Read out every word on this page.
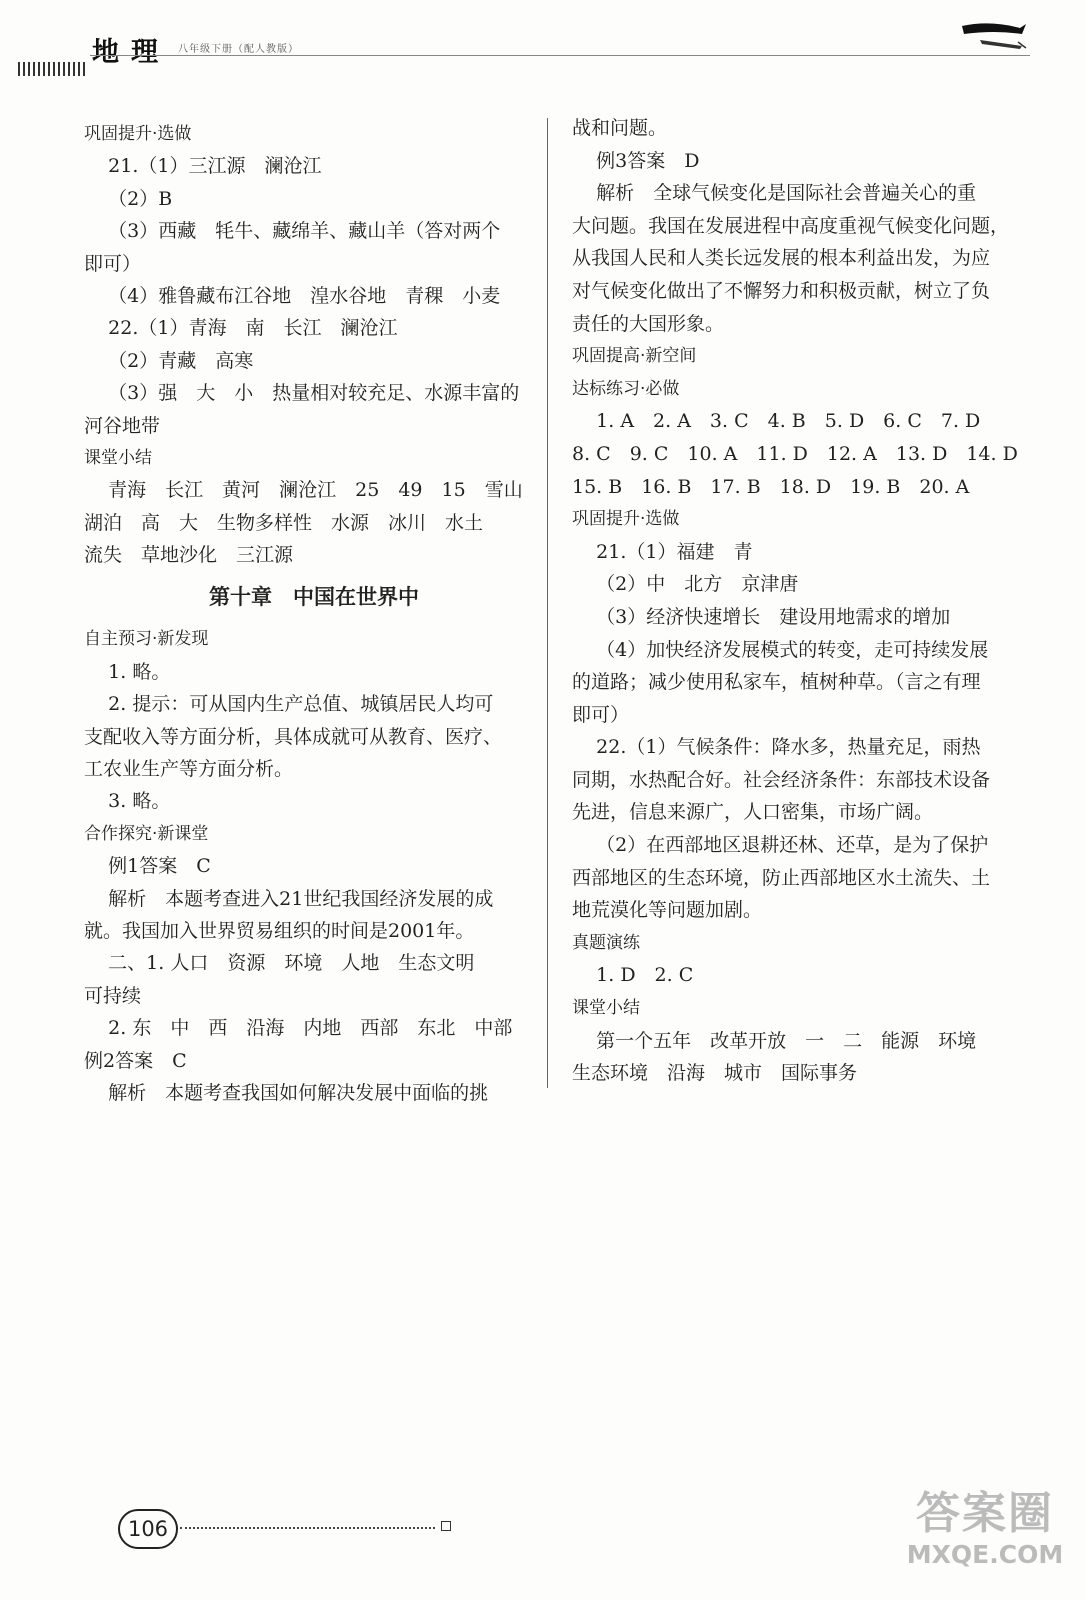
地理 八年级下册（配人教版）
巩固提升·选做
21.（1）三江源　澜沧江
（2）B
（3）西藏　牦牛、藏绵羊、藏山羊（答对两个
即可）
（4）雅鲁藏布江谷地　湟水谷地　青稞　小麦
22.（1）青海　南　长江　澜沧江
（2）青藏　高寒
（3）强　大　小　热量相对较充足、水源丰富的
河谷地带
课堂小结
青海　长江　黄河　澜沧江　25　49　15　雪山
湖泊　高　大　生物多样性　水源　冰川　水土
流失　草地沙化　三江源
第十章　中国在世界中
自主预习·新发现
1. 略。
2. 提示：可从国内生产总值、城镇居民人均可
支配收入等方面分析，具体成就可从教育、医疗、
工农业生产等方面分析。
3. 略。
合作探究·新课堂
例1答案　C
解析　本题考查进入21世纪我国经济发展的成
就。我国加入世界贸易组织的时间是2001年。
二、1. 人口　资源　环境　人地　生态文明
可持续
2. 东　中　西　沿海　内地　西部　东北　中部
例2答案　C
解析　本题考查我国如何解决发展中面临的挑
战和问题。
例3答案　D
解析　全球气候变化是国际社会普遍关心的重
大问题。我国在发展进程中高度重视气候变化问题，
从我国人民和人类长远发展的根本利益出发，为应
对气候变化做出了不懈努力和积极贡献，树立了负
责任的大国形象。
巩固提高·新空间
达标练习·必做
1. A　2. A　3. C　4. B　5. D　6. C　7. D
8. C　9. C　10. A　11. D　12. A　13. D　14. D
15. B　16. B　17. B　18. D　19. B　20. A
巩固提升·选做
21.（1）福建　青
（2）中　北方　京津唐
（3）经济快速增长　建设用地需求的增加
（4）加快经济发展模式的转变，走可持续发展
的道路；减少使用私家车，植树种草。（言之有理
即可）
22.（1）气候条件：降水多，热量充足，雨热
同期，水热配合好。社会经济条件：东部技术设备
先进，信息来源广，人口密集，市场广阔。
（2）在西部地区退耕还林、还草，是为了保护
西部地区的生态环境，防止西部地区水土流失、土
地荒漠化等问题加剧。
真题演练
1. D　2. C
课堂小结
第一个五年　改革开放　一　二　能源　环境
生态环境　沿海　城市　国际事务
106	答案圈
MXQE.COM
